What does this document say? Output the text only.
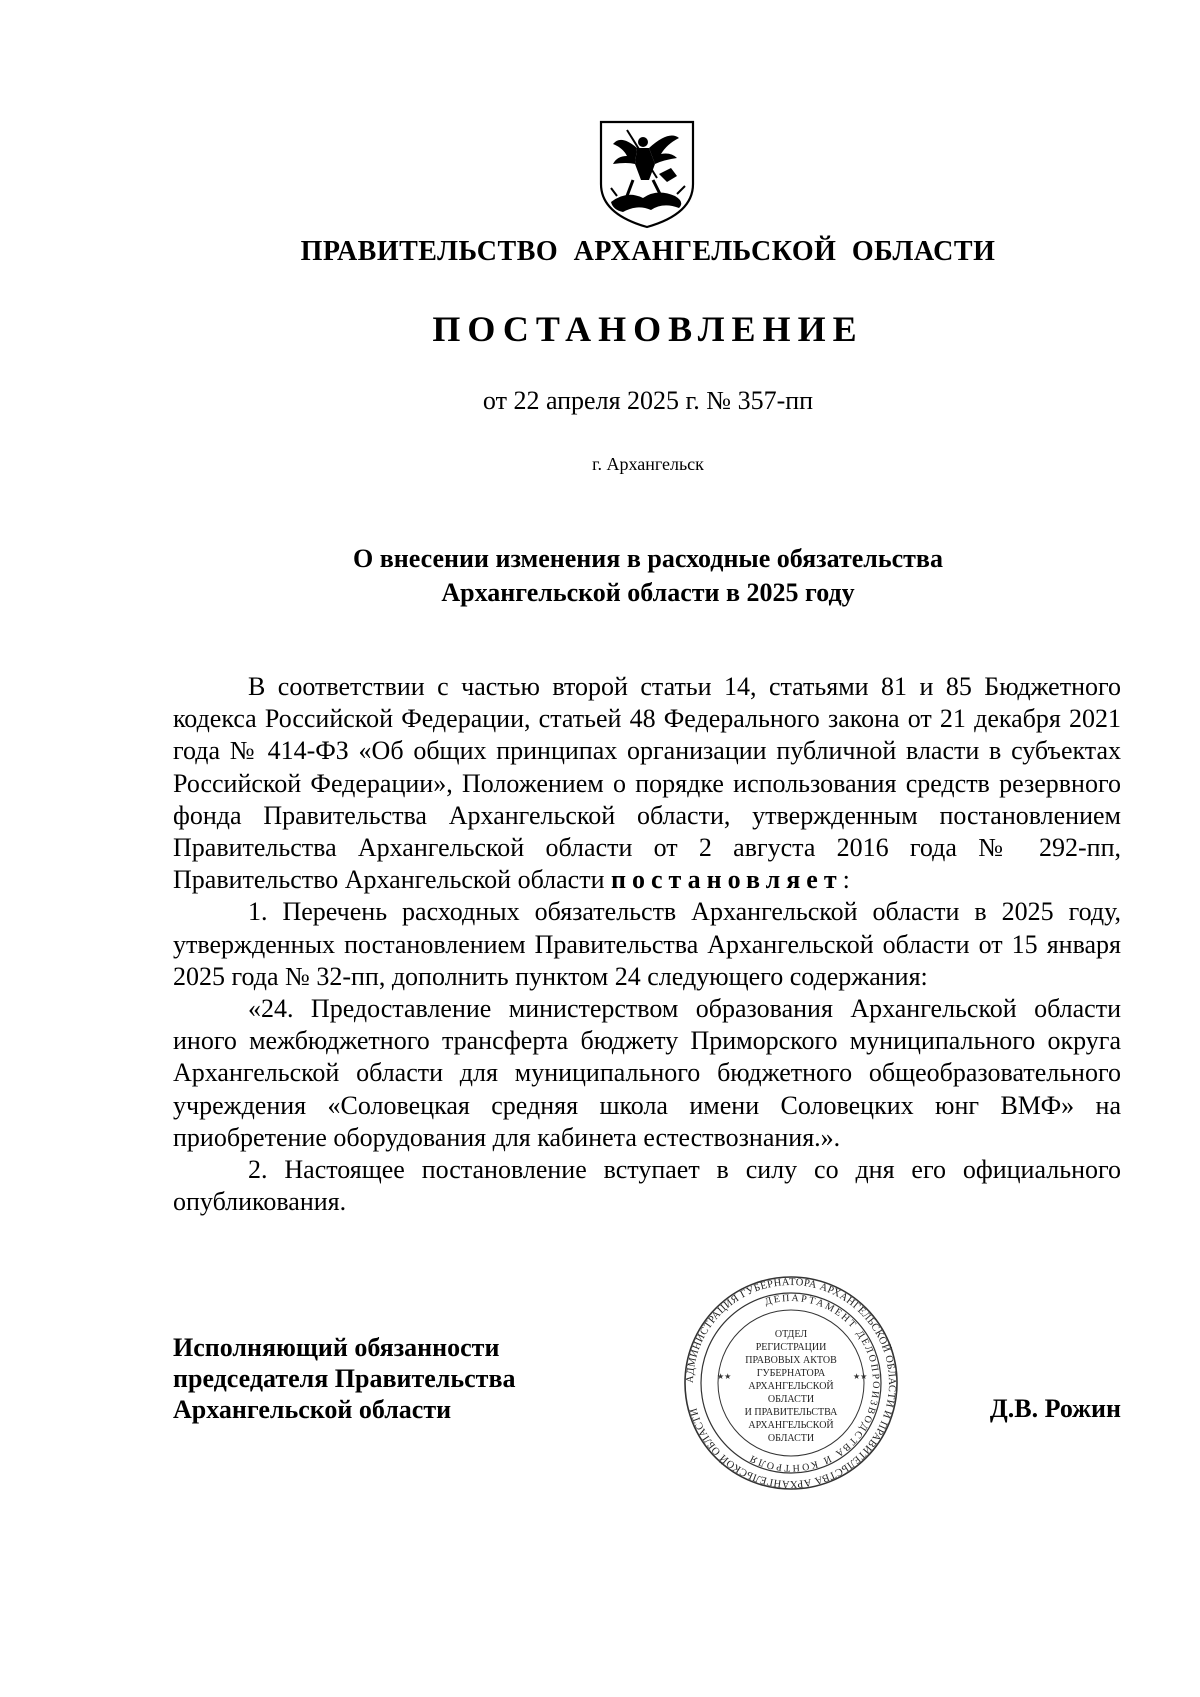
ПРАВИТЕЛЬСТВО АРХАНГЕЛЬСКОЙ ОБЛАСТИ
ПОСТАНОВЛЕНИЕ
от 22 апреля 2025 г. № 357-пп
г. Архангельск
О внесении изменения в расходные обязательства
Архангельской области в 2025 году

В соответствии с частью второй статьи 14, статьями 81 и 85 Бюджетного кодекса Российской Федерации, статьей 48 Федерального закона от 21 декабря 2021 года № 414-ФЗ «Об общих принципах организации публичной власти в субъектах Российской Федерации», Положением о порядке использования средств резервного фонда Правительства Архангельской области, утвержденным постановлением Правительства Архангельской области от 2 августа 2016 года № 292-пп, Правительство Архангельской области постановляет:

1. Перечень расходных обязательств Архангельской области в 2025 году, утвержденных постановлением Правительства Архангельской области от 15 января 2025 года № 32-пп, дополнить пунктом 24 следующего содержания:

«24. Предоставление министерством образования Архангельской области иного межбюджетного трансферта бюджету Приморского муниципального округа Архангельской области для муниципального бюджетного общеобразовательного учреждения «Соловецкая средняя школа имени Соловецких юнг ВМФ» на приобретение оборудования для кабинета естествознания.».

2. Настоящее постановление вступает в силу со дня его официального опубликования.

АДМИНИСТРАЦИЯ ГУБЕРНАТОРА АРХАНГЕЛЬСКОЙ ОБЛАСТИ И ПРАВИТЕЛЬСТВА АРХАНГЕЛЬСКОЙ ОБЛАСТИ
ДЕПАРТАМЕНТ ДЕЛОПРОИЗВОДСТВА И КОНТРОЛЯ
ОТДЕЛ
РЕГИСТРАЦИИ
ПРАВОВЫХ АКТОВ
ГУБЕРНАТОРА
АРХАНГЕЛЬСКОЙ
ОБЛАСТИ
И ПРАВИТЕЛЬСТВА
АРХАНГЕЛЬСКОЙ
ОБЛАСТИ
★★	★★
Исполняющий обязанности
председателя Правительства
Архангельской области	Д.В. Рожин
